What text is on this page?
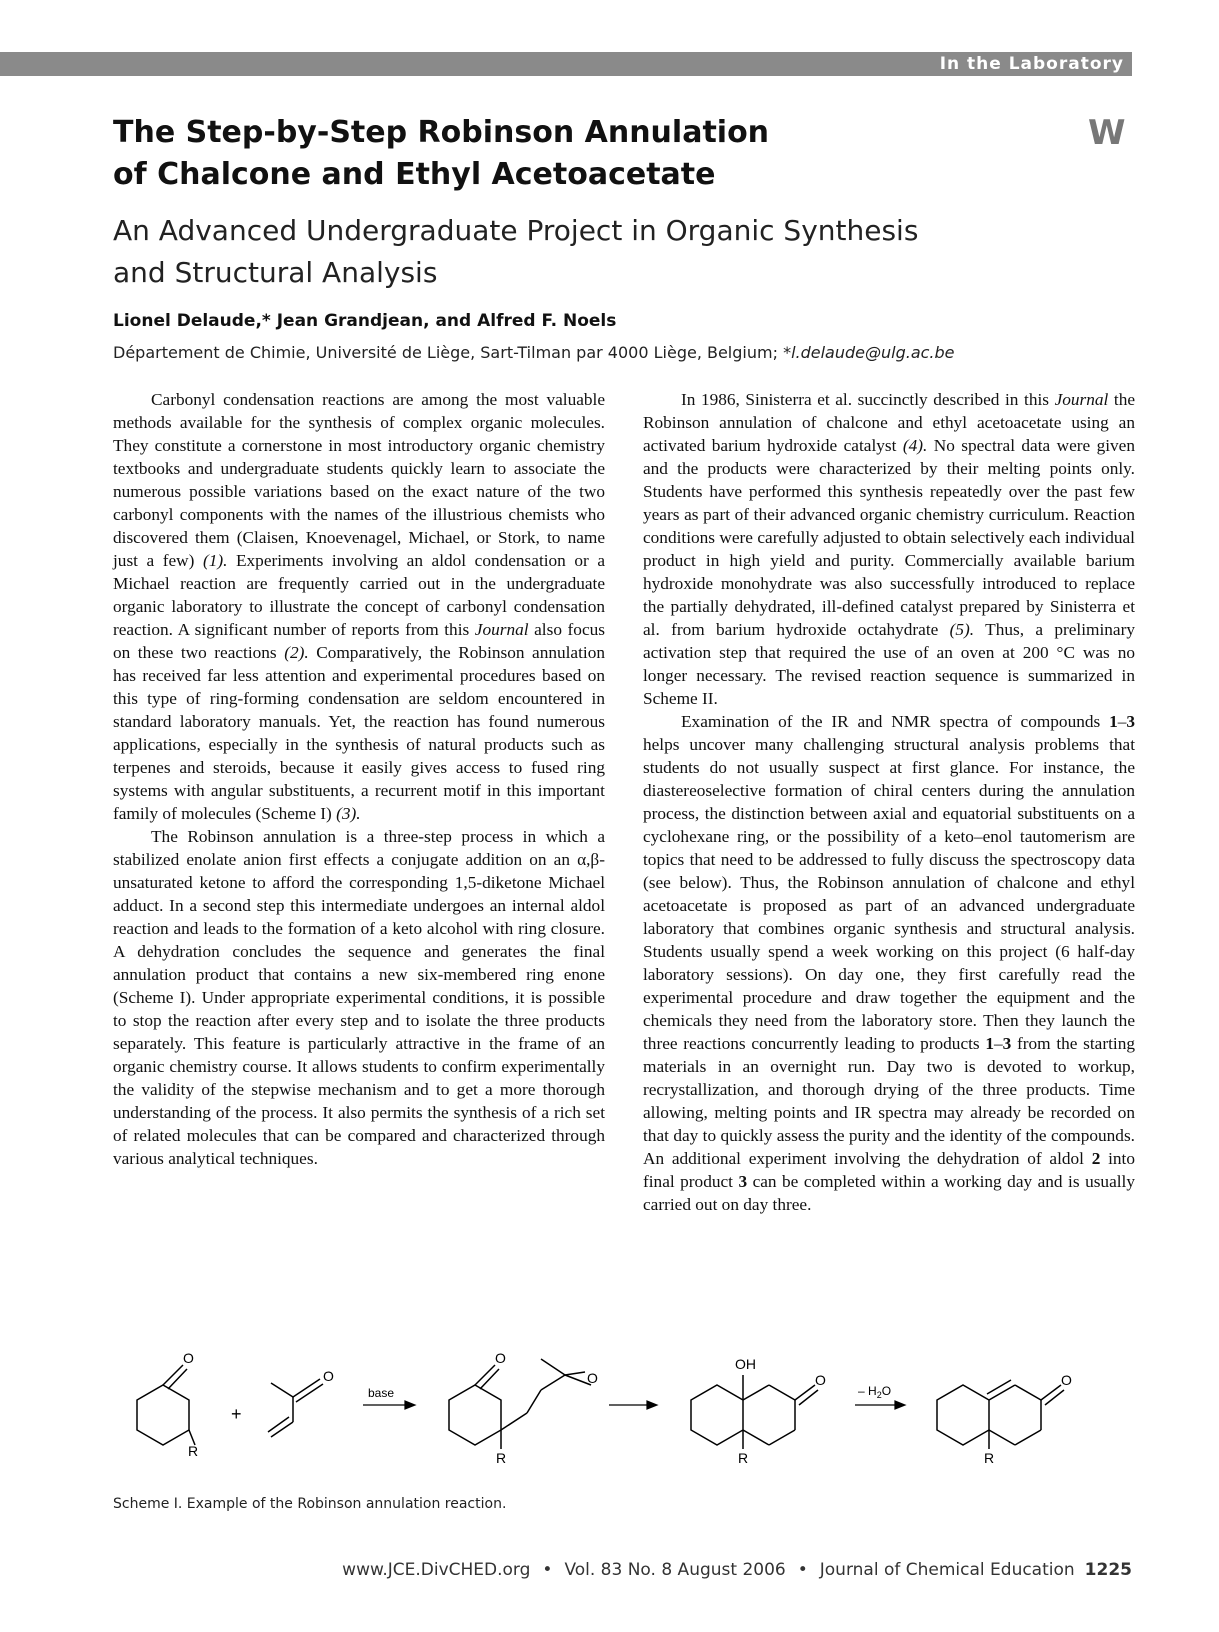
In the Laboratory
W
The Step-by-Step Robinson Annulation
of Chalcone and Ethyl Acetoacetate
An Advanced Undergraduate Project in Organic Synthesis
and Structural Analysis
Lionel Delaude,* Jean Grandjean, and Alfred F. Noels
Département de Chimie, Université de Liège, Sart-Tilman par 4000 Liège, Belgium; *l.delaude@ulg.ac.be

Carbonyl condensation reactions are among the most valuable methods available for the synthesis of complex organic molecules. They constitute a cornerstone in most introductory organic chemistry textbooks and undergraduate students quickly learn to associate the numerous possible variations based on the exact nature of the two carbonyl components with the names of the illustrious chemists who discovered them (Claisen, Knoevenagel, Michael, or Stork, to name just a few) (1). Experiments involving an aldol condensation or a Michael reaction are frequently carried out in the undergraduate organic laboratory to illustrate the concept of carbonyl condensation reaction. A significant number of reports from this Journal also focus on these two reactions (2). Comparatively, the Robinson annulation has received far less attention and experimental procedures based on this type of ring-forming condensation are seldom encountered in standard laboratory manuals. Yet, the reaction has found numerous applications, especially in the synthesis of natural products such as terpenes and steroids, because it easily gives access to fused ring systems with angular substituents, a recurrent motif in this important family of molecules (Scheme I) (3).

The Robinson annulation is a three-step process in which a stabilized enolate anion first effects a conjugate addition on an α,β-unsaturated ketone to afford the corresponding 1,5-diketone Michael adduct. In a second step this intermediate undergoes an internal aldol reaction and leads to the formation of a keto alcohol with ring closure. A dehydration concludes the sequence and generates the final annulation product that contains a new six-membered ring enone (Scheme I). Under appropriate experimental conditions, it is possible to stop the reaction after every step and to isolate the three products separately. This feature is particularly attractive in the frame of an organic chemistry course. It allows students to confirm experimentally the validity of the stepwise mechanism and to get a more thorough understanding of the process. It also permits the synthesis of a rich set of related molecules that can be compared and characterized through various analytical techniques.

In 1986, Sinisterra et al. succinctly described in this Journal the Robinson annulation of chalcone and ethyl acetoacetate using an activated barium hydroxide catalyst (4). No spectral data were given and the products were characterized by their melting points only. Students have performed this synthesis repeatedly over the past few years as part of their advanced organic chemistry curriculum. Reaction conditions were carefully adjusted to obtain selectively each individual product in high yield and purity. Commercially available barium hydroxide monohydrate was also successfully introduced to replace the partially dehydrated, ill-defined catalyst prepared by Sinisterra et al. from barium hydroxide octahydrate (5). Thus, a preliminary activation step that required the use of an oven at 200 °C was no longer necessary. The revised reaction sequence is summarized in Scheme II.

Examination of the IR and NMR spectra of compounds 1–3 helps uncover many challenging structural analysis problems that students do not usually suspect at first glance. For instance, the diastereoselective formation of chiral centers during the annulation process, the distinction between axial and equatorial substituents on a cyclohexane ring, or the possibility of a keto–enol tautomerism are topics that need to be addressed to fully discuss the spectroscopy data (see below). Thus, the Robinson annulation of chalcone and ethyl acetoacetate is proposed as part of an advanced undergraduate laboratory that combines organic synthesis and structural analysis. Students usually spend a week working on this project (6 half-day laboratory sessions). On day one, they first carefully read the experimental procedure and draw together the equipment and the chemicals they need from the laboratory store. Then they launch the three reactions concurrently leading to products 1–3 from the starting materials in an overnight run. Day two is devoted to workup, recrystallization, and thorough drying of the three products. Time allowing, melting points and IR spectra may already be recorded on that day to quickly assess the purity and the identity of the compounds. An additional experiment involving the dehydration of aldol 2 into final product 3 can be completed within a working day and is usually carried out on day three.

O
R
+
O
base
O
O
R
OH
O
R
– $H_2O$
O
R
Scheme I. Example of the Robinson annulation reaction.
www.JCE.DivCHED.org • Vol. 83 No. 8 August 2006 • Journal of Chemical Education 1225
